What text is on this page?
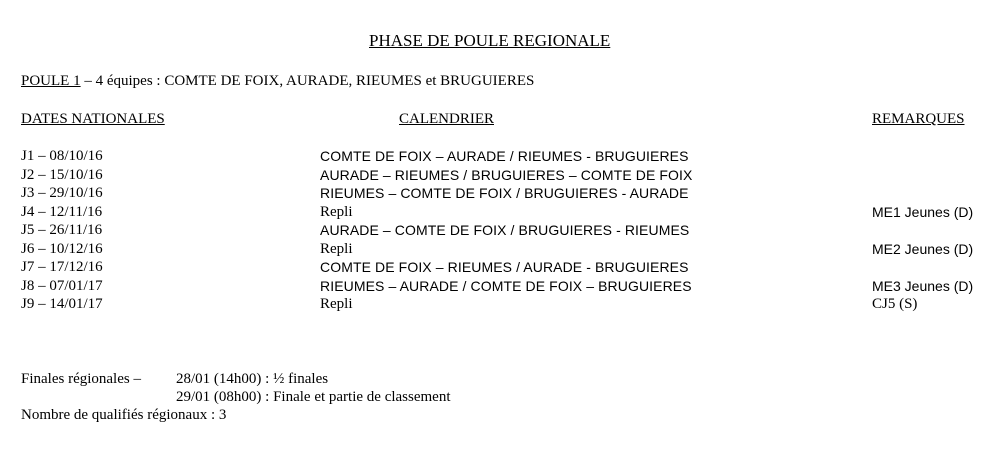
PHASE DE POULE REGIONALE
POULE 1 – 4 équipes : COMTE DE FOIX, AURADE, RIEUMES et BRUGUIERES
DATES NATIONALES	CALENDRIER	REMARQUES
J1 – 08/10/16	COMTE DE FOIX – AURADE / RIEUMES - BRUGUIERES
J2 – 15/10/16	AURADE – RIEUMES / BRUGUIERES – COMTE DE FOIX
J3 – 29/10/16	RIEUMES – COMTE DE FOIX / BRUGUIERES - AURADE
J4 – 12/11/16	Repli	ME1 Jeunes (D)
J5 – 26/11/16	AURADE – COMTE DE FOIX / BRUGUIERES - RIEUMES
J6 – 10/12/16	Repli	ME2 Jeunes (D)
J7 – 17/12/16	COMTE DE FOIX – RIEUMES / AURADE - BRUGUIERES
J8 – 07/01/17	RIEUMES – AURADE / COMTE DE FOIX – BRUGUIERES	ME3 Jeunes (D)
J9 – 14/01/17	Repli	CJ5 (S)
Finales régionales – 28/01 (14h00) : ½ finales
29/01 (08h00) : Finale et partie de classement
Nombre de qualifiés régionaux : 3
